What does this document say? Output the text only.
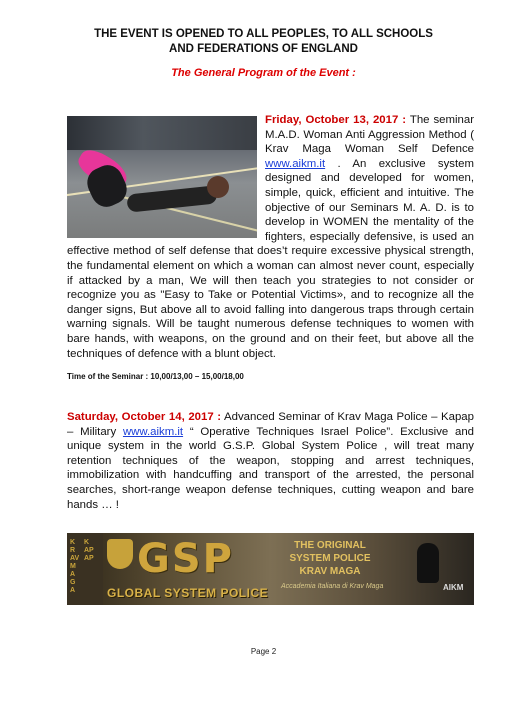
THE EVENT IS OPENED TO ALL PEOPLES, TO ALL SCHOOLS
AND FEDERATIONS OF ENGLAND
The General Program of the Event :
Friday, October 13, 2017 : The seminar M.A.D. Woman Anti Aggression Method ( Krav Maga Woman Self Defence www.aikm.it . An exclusive system designed and developed for women, simple, quick, efficient and intuitive. The objective of our Seminars M. A. D. is to develop in WOMEN the mentality of the fighters, especially defensive, is used an effective method of self defense that does’t require excessive physical strength, the fundamental element on which a woman can almost never count, especially if attacked by a man, We will then teach you strategies to not consider or recognize you as "Easy to Take or Potential Victims», and to recognize all the danger signs, But above all to avoid falling into dangerous traps through certain warning signals. Will be taught numerous defense techniques to women with bare hands, with weapons, on the ground and on their feet, but above all the techniques of defence with a blunt object.
Time of the Seminar : 10,00/13,00 – 15,00/18,00
Saturday, October 14, 2017 : Advanced Seminar of Krav Maga Police – Kapap – Military www.aikm.it “ Operative Techniques Israel Police”. Exclusive and unique system in the world G.S.P. Global System Police , will treat many retention techniques of the weapon, stopping and arrest techniques, immobilization with handcuffing and transport of the arrested, the personal searches, short-range weapon defense techniques, cutting weapon and bare hands … !
KRAV MAGA
KAPAP GSP
GLOBAL SYSTEM POLICE
THE ORIGINAL SYSTEM POLICE KRAV MAGA
Accademia Italiana di Krav Maga	AIKM
Page 2
